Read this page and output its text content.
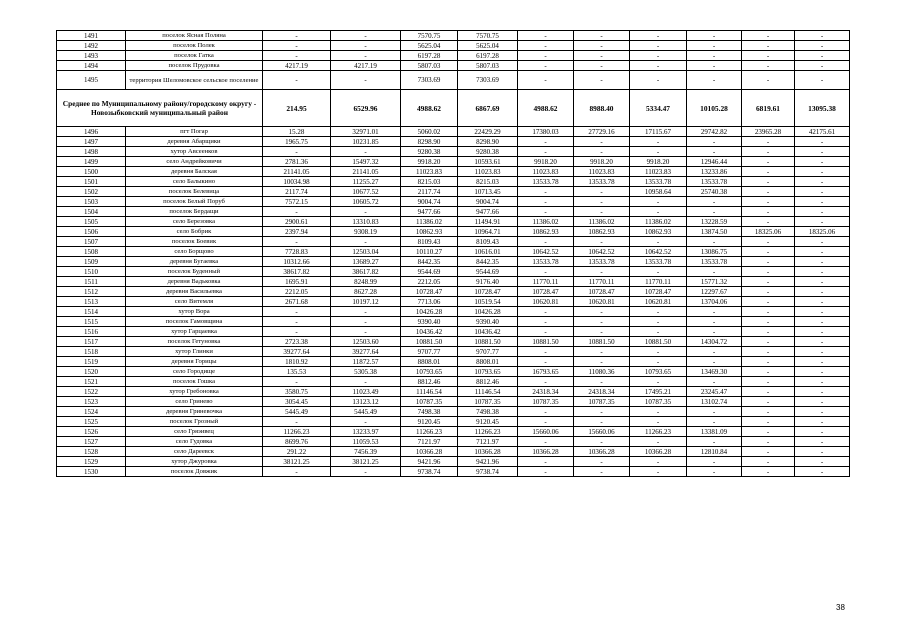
1491	поселок Ясная Поляна	-	-	7570.75	7570.75	-	-	-	-	-	-
1492	поселок Полек	-	-	5625.04	5625.04	-	-	-	-	-	-
1493	поселок Гатка	-	-	6197.28	6197.28	-	-	-	-	-	-
1494	поселок Прудовка	4217.19	4217.19	5807.03	5807.03	-	-	-	-	-	-
1495	территория Шеломовское сельское поселение	-	-	7303.69	7303.69	-	-	-	-	-	-
Среднее по Муниципальному району/городскому округу - Новозыбковский муниципальный район		214.95	6529.96	4988.62	6867.69	4988.62	8988.40	5334.47	10105.28	6819.61	13095.38
1496	пгт Погар	15.28	32971.01	5060.02	22429.29	17380.03	27729.16	17115.67	29742.82	23965.28	42175.61
1497	деревня Абарщики	1965.75	10231.85	8298.90	8298.90	-	-	-	-	-	-
1498	хутор Авсеенков	-	-	9280.38	9280.38	-	-	-	-	-	-
1499	село Андрейковичи	2781.36	15497.32	9918.20	10593.61	9918.20	9918.20	9918.20	12946.44	-	-
1500	деревня Балская	21141.05	21141.05	11023.83	11023.83	11023.83	11023.83	11023.83	13233.86	-	-
1501	село Балыкино	10034.98	11255.27	8215.03	8215.03	13533.78	13533.78	13533.78	13533.78	-	-
1502	поселок Белевица	2117.74	10677.52	2117.74	10713.45	-	-	10958.64	25740.38	-	-
1503	поселок Белый Поруб	7572.15	10605.72	9004.74	9004.74	-	-	-	-	-	-
1504	поселок Бердащи	-	-	9477.66	9477.66	-	-	-	-	-	-
1505	село Березовка	2900.61	13310.83	11386.02	11494.91	11386.02	11386.02	11386.02	13228.59	-	-
1506	село Бобрик	2397.94	9308.19	10862.93	10964.71	10862.93	10862.93	10862.93	13874.50	18325.06	18325.06
1507	поселок Боевик	-	-	8109.43	8109.43	-	-	-	-	-	-
1508	село Борщово	7728.83	12503.04	10110.27	10616.01	10642.52	10642.52	10642.52	13086.75	-	-
1509	деревня Бугаевка	10312.66	13689.27	8442.35	8442.35	13533.78	13533.78	13533.78	13533.78	-	-
1510	поселок Буденный	38617.82	38617.82	9544.69	9544.69	-	-	-	-	-	-
1511	деревня Вадьковка	1695.91	8248.99	2212.05	9176.40	11770.11	11770.11	11770.11	15771.32	-	-
1512	деревня Васильевка	2212.05	8627.28	10728.47	10728.47	10728.47	10728.47	10728.47	12297.67	-	-
1513	село Витемля	2671.68	10197.12	7713.06	10519.54	10620.81	10620.81	10620.81	13704.06	-	-
1514	хутор Вора	-	-	10426.28	10426.28	-	-	-	-	-	-
1515	поселок Гамовщина	-	-	9390.40	9390.40	-	-	-	-	-	-
1516	хутор Гарцаевка	-	-	10436.42	10436.42	-	-	-	-	-	-
1517	поселок Гетуновка	2723.38	12503.60	10881.50	10881.50	10881.50	10881.50	10881.50	14304.72	-	-
1518	хутор Глинки	39277.64	39277.64	9707.77	9707.77	-	-	-	-	-	-
1519	деревня Горицы	1810.92	11872.57	8808.01	8808.01	-	-	-	-	-	-
1520	село Городище	135.53	5305.38	10793.65	10793.65	16793.65	11080.36	10793.65	13469.30	-	-
1521	поселок Гошка	-	-	8812.46	8812.46	-	-	-	-	-	-
1522	хутор Гребоновка	3580.75	11023.49	11146.54	11146.54	24318.34	24318.34	17495.21	23245.47	-	-
1523	село Гринево	3054.45	13123.12	10787.35	10787.35	10787.35	10787.35	10787.35	13102.74	-	-
1524	деревня Гриневочка	5445.49	5445.49	7498.38	7498.38	-	-	-	-	-	-
1525	поселок Грозный	-	-	9120.45	9120.45	-	-	-	-	-	-
1526	село Гряэивец	11266.23	13233.97	11266.23	11266.23	15660.06	15660.06	11266.23	13381.09	-	-
1527	село Гудовка	8699.76	11059.53	7121.97	7121.97	-	-	-	-	-	-
1528	село Дареевск	291.22	7456.39	10366.28	10366.28	10366.28	10366.28	10366.28	12810.84	-	-
1529	хутор Джуровка	38121.25	38121.25	9421.96	9421.96	-	-	-	-	-	-
1530	поселок Довжик	-	-	9738.74	9738.74	-	-	-	-	-	-
38
